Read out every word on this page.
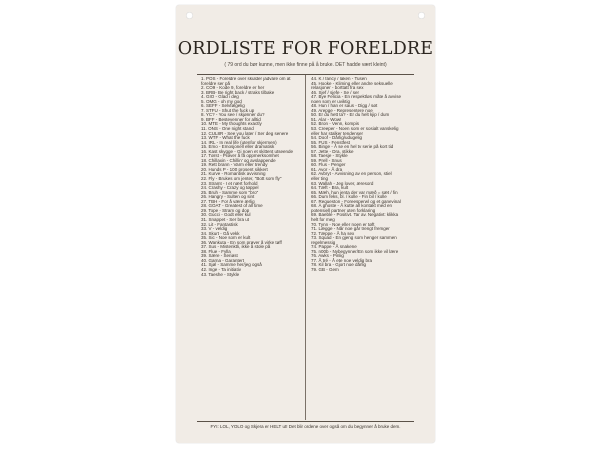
ORDLISTE FOR FORELDRE
( 79 ord du bør kunne, men ikke finne på å bruke. DET hadde vært kleint)
1. POS - Foreldre over skulder jadvare om at
foreldre ser på
2. CO9 - Kode 9, foreldre er her
3. BRB- Be right back / straks tilbake
4. GIO - Glad i deg
5. OMG - oh my god
6. SEFF - Selvfølgelig
7. STFU - Shut the fuck up
8. YC? - You see / skjønner du?
9. BFF - Bestevenner for alltid
10. MTE - My thoughts exactly
11. ONS - One night stand
12. CUL8R - See you later / Ser deg senere
13. WTF - What the fuck
14. IRL - In real life (utenfor skjermen)
15. Emo - Emosjonell eller dramatisk
16. Kast skygge - Gi noen et skittent utseende
17. Tørst - Prøver å få oppmerksomhet
18. Chillaxin - Chillin' og avslappende
19. Rett brann - Varm eller trendy
20. Hunds P - 100 prosent sikkert
21. Kurve - Romantisk avvisning
22. Fly - Brukes om jenter, "Bott som fly"
23. Stramt - I et nært forhold
24. Crashy - Crazy og tøppel
25. Bruh - Samme som "bro"
26. Hangry - Sulten og sint
27. TBH - For å være ærlig
28. GOAT - Greatest of all time
29. Tope - Stram og dop
30. Gucci - Godt eller kul
31. Snappet - Ser bra ut
32. Lit - Fantastisk
33. V - veldig
34. Skurt - Gå vekk
35. Sic - Noe som er kult
36. Wankuta - En som prøver å virke tøff
37. Sus - Mistenktli, ikke å stole på
38. Flue - Fylla
39. Sære - Seriøst
40. Garna - Garantert
41. Sjøl - Samme her/jeg også
42. Inge - Ta initiativ
43. Taeshe - Stykle
44. K / fancy / laken - Tusen
45. Hooke - Kliming eller andre seksuelle
relasjoner - borttatt fra sex
46. Sjef / sjefe - Se / ser
47. Bye Felicia - En respektløs måte å avvise
noen som er uviktig
48. Hun / han er saus - Digg / søt
49. Arepge - Representere noe
50. Er du hett ta? - Er du helt kjip / dum
51. Alar - Wow!
52. Bron - Venn, kompis
53. Creeper - Noen som er sosialt vanskelig
eller har stalker tendenser
54. Doof - Dårlig/udugelig
55. FUS - Fenstfest
56. Binge - Å se en hel tv serie på kort tid
57. Jette - Dra, stikke
58. Taesje - Stykle
59. Prell - Snus
60. Flus - Penger
61. Avor - Å dra
62. Avbryt - Avvisning av en person, stiel
eller ting
63. Wallah - Jeg lover, æresord
64. Tæft - Bra, kult
65. Mæh, hun jenta der var mæð = sæt / fin
66. Dum feks, bl. / kolle - Fin bil / kolle
67. Requeston - Foreesperwl og et ganevinal
68. À ghoste - Å kutte all kontakt med en
potensiell partner uten forklaring
69. Baeble - Positivt. Tar av. Negativt: klikka
helt for meg
70. Tynn - Noe eller noen er tøft
71. Lægge - Når noe går trengt fremger
72. Tæppe - Å ha sex
73. Squad - En gjeng som henger sammen
regelmessig
74. Pappe - Å snakene
75. n00b - Nybegynner/En som ikke vil lære
76. Awks - Pinlig
77. Å tré - Å ete noe veldig bra
78. Kil bra - Gjort noe dårlig
79. GB - Gem
FYI: LOL, YOLO og Skjera er HELT ut! Det blir ordene over også om du begynner å bruke dem.
